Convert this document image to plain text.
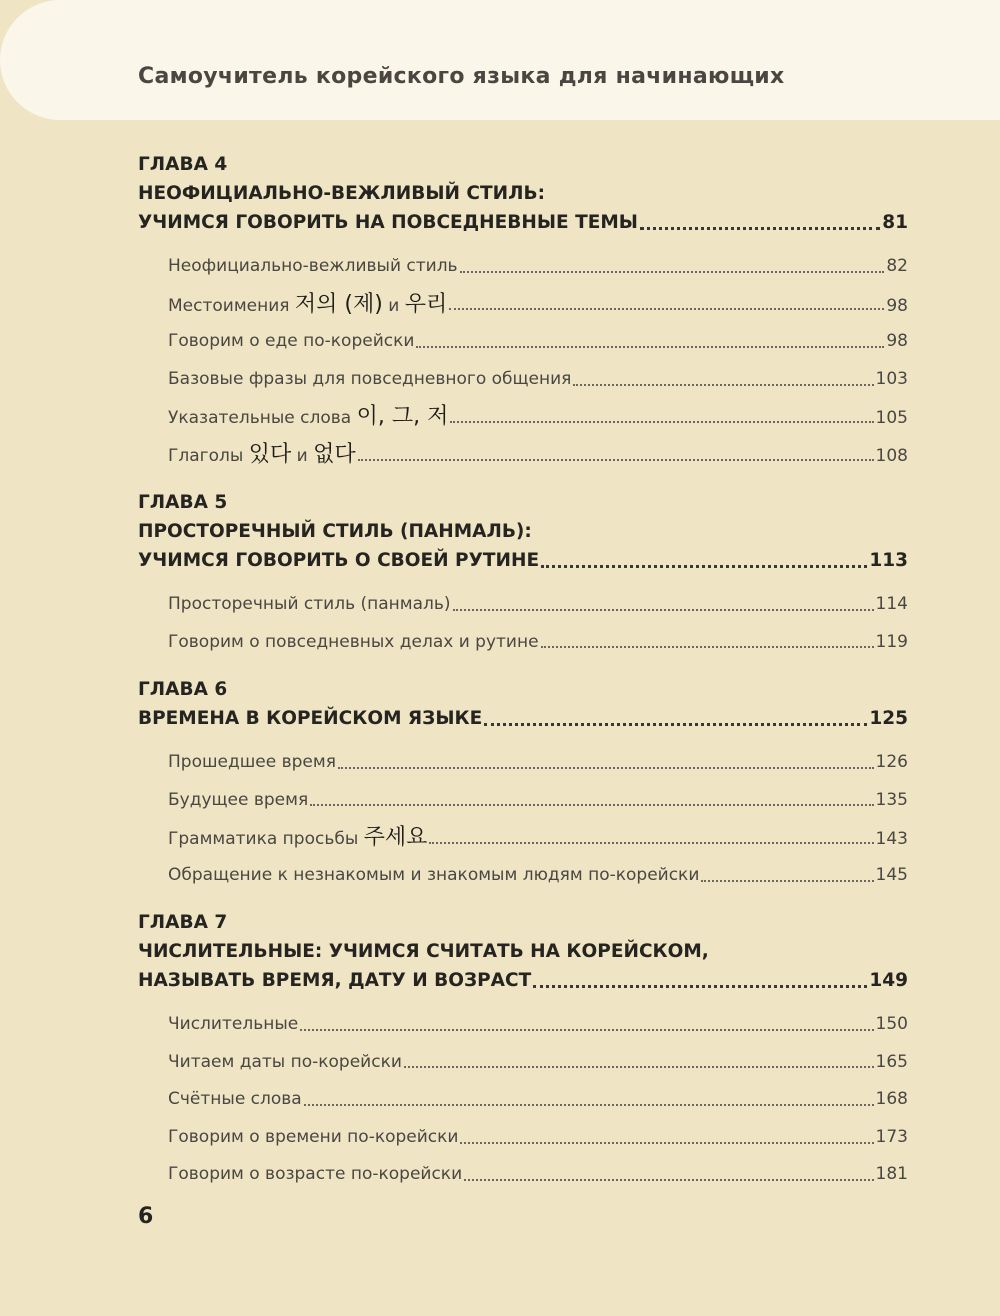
Самоучитель корейского языка для начинающих
ГЛАВА 4
НЕОФИЦИАЛЬНО-ВЕЖЛИВЫЙ СТИЛЬ:
УЧИМСЯ ГОВОРИТЬ НА ПОВСЕДНЕВНЫЕ ТЕМЫ	81
Неофициально-вежливый стиль	82
Местоимения 저의 (제) и 우리	98
Говорим о еде по-корейски	98
Базовые фразы для повседневного общения	103
Указательные слова 이, 그, 저	105
Глаголы 있다 и 없다	108
ГЛАВА 5
ПРОСТОРЕЧНЫЙ СТИЛЬ (ПАНМАЛЬ):
УЧИМСЯ ГОВОРИТЬ О СВОЕЙ РУТИНЕ	113
Просторечный стиль (панмаль)	114
Говорим о повседневных делах и рутине	119
ГЛАВА 6
ВРЕМЕНА В КОРЕЙСКОМ ЯЗЫКЕ	125
Прошедшее время	126
Будущее время	135
Грамматика просьбы 주세요	143
Обращение к незнакомым и знакомым людям по-корейски	145
ГЛАВА 7
ЧИСЛИТЕЛЬНЫЕ: УЧИМСЯ СЧИТАТЬ НА КОРЕЙСКОМ,
НАЗЫВАТЬ ВРЕМЯ, ДАТУ И ВОЗРАСТ	149
Числительные	150
Читаем даты по-корейски	165
Счётные слова	168
Говорим о времени по-корейски	173
Говорим о возрасте по-корейски	181
6
